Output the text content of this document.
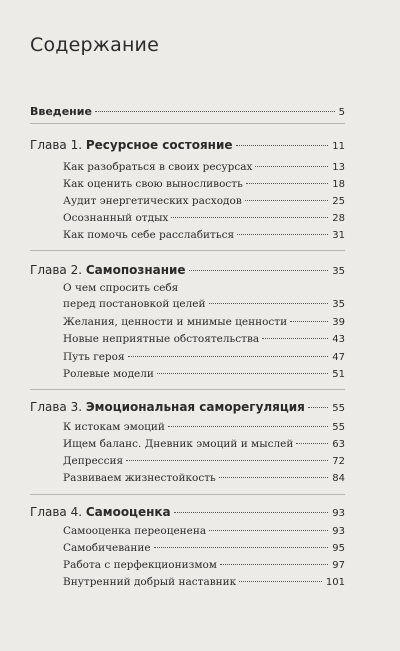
Содержание
Введение	5
Глава 1. Ресурсное состояние	11
Как разобраться в своих ресурсах	13
Как оценить свою выносливость	18
Аудит энергетических расходов	25
Осознанный отдых	28
Как помочь себе расслабиться	31
Глава 2. Самопознание	35
О чем спросить себя
перед постановкой целей	35
Желания, ценности и мнимые ценности	39
Новые неприятные обстоятельства	43
Путь героя	47
Ролевые модели	51
Глава 3. Эмоциональная саморегуляция	55
К истокам эмоций	55
Ищем баланс. Дневник эмоций и мыслей	63
Депрессия	72
Развиваем жизнестойкость	84
Глава 4. Самооценка	93
Самооценка переоценена	93
Самобичевание	95
Работа с перфекционизмом	97
Внутренний добрый наставник	101
